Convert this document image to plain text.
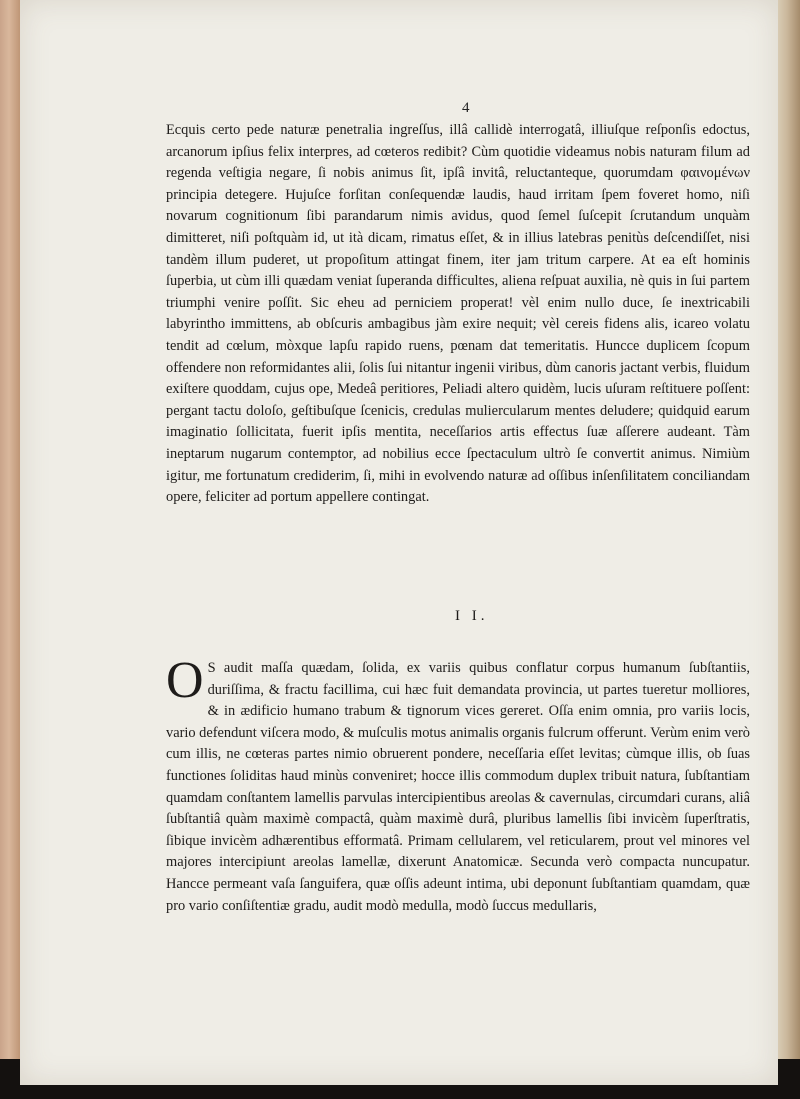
4

Ecquis certo pede naturæ penetralia ingreſſus, illâ callidè interrogatâ, illiuſque reſponſis edoctus, arcanorum ipſius felix interpres, ad cœteros redibit? Cùm quotidie videamus nobis naturam filum ad regenda veſtigia negare, ſi nobis animus ſit, ipſâ invitâ, reluctanteque, quorumdam φαινομένων principia detegere. Hujuſce forſitan conſequendæ laudis, haud irritam ſpem foveret homo, niſi novarum cognitionum ſibi parandarum nimis avidus, quod ſemel ſuſcepit ſcrutandum unquàm dimitteret, niſi poſtquàm id, ut ità dicam, rimatus eſſet, & in illius latebras penitùs deſcendiſſet, nisi tandèm illum puderet, ut propoſitum attingat finem, iter jam tritum carpere. At ea eſt hominis ſuperbia, ut cùm illi quædam veniat ſuperanda difficultes, aliena reſpuat auxilia, nè quis in ſui partem triumphi venire poſſit. Sic eheu ad perniciem properat! vèl enim nullo duce, ſe inextricabili labyrintho immittens, ab obſcuris ambagibus jàm exire nequit; vèl cereis fidens alis, icareo volatu tendit ad cœlum, mòxque lapſu rapido ruens, pœnam dat temeritatis. Huncce duplicem ſcopum offendere non reformidantes alii, ſolis ſui nitantur ingenii viribus, dùm canoris jactant verbis, fluidum exiſtere quoddam, cujus ope, Medeâ peritiores, Peliadi altero quidèm, lucis uſuram reſtituere poſſent: pergant tactu doloſo, geſtibuſque ſcenicis, credulas muliercularum mentes deludere; quidquid earum imaginatio ſollicitata, fuerit ipſis mentita, neceſſarios artis effectus ſuæ aſſerere audeant. Tàm ineptarum nugarum contemptor, ad nobilius ecce ſpectaculum ultrò ſe convertit animus. Nimiùm igitur, me fortunatum crediderim, ſi, mihi in evolvendo naturæ ad oſſibus inſenſilitatem conciliandam opere, feliciter ad portum appellere contingat.

I I.
O S audit maſſa quædam, ſolida, ex variis quibus conflatur corpus humanum ſubſtantiis, duriſſima, & fractu facillima, cui hæc fuit demandata provincia, ut partes tueretur molliores, & in ædificio humano trabum & tignorum vices gereret. Oſſa enim omnia, pro variis locis, vario defendunt viſcera modo, & muſculis motus animalis organis fulcrum offerunt. Verùm enim verò cum illis, ne cœteras partes nimio obruerent pondere, neceſſaria eſſet levitas; cùmque illis, ob ſuas functiones ſoliditas haud minùs conveniret; hocce illis commodum duplex tribuit natura, ſubſtantiam quamdam conſtantem lamellis parvulas intercipientibus areolas & cavernulas, circumdari curans, aliâ ſubſtantiâ quàm maximè compactâ, quàm maximè durâ, pluribus lamellis ſibi invicèm ſuperſtratis, ſibique invicèm adhærentibus efformatâ. Primam cellularem, vel reticularem, prout vel minores vel majores intercipiunt areolas lamellæ, dixerunt Anatomicæ. Secunda verò compacta nuncupatur. Hancce permeant vaſa ſanguifera, quæ oſſis adeunt intima, ubi deponunt ſubſtantiam quamdam, quæ pro vario conſiſtentiæ gradu, audit modò medulla, modò ſuccus medullaris,
